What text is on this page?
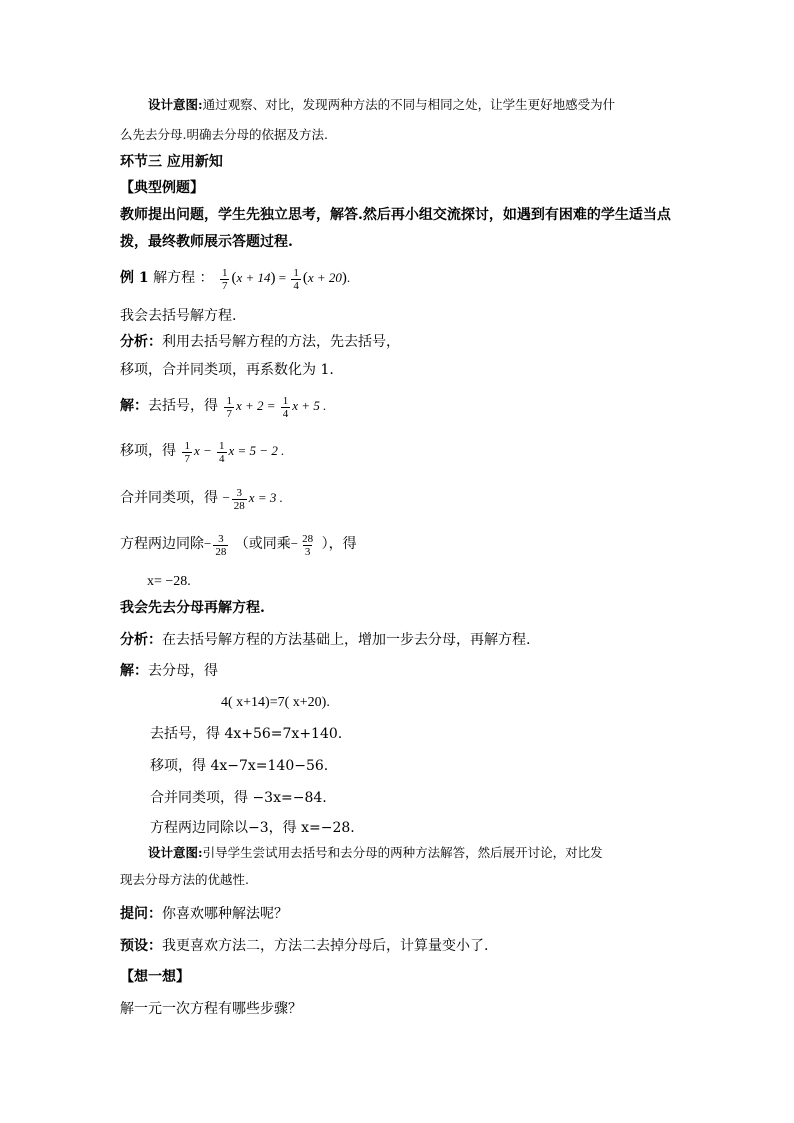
设计意图:通过观察、对比，发现两种方法的不同与相同之处，让学生更好地感受为什
么先去分母.明确去分母的依据及方法.
环节三 应用新知
【典型例题】
教师提出问题，学生先独立思考，解答.然后再小组交流探讨，如遇到有困难的学生适当点
拨，最终教师展示答题过程.
例 1 解方程 ： $\frac{1}{7} (x + 14) = \frac{1}{4} (x + 20)$.
我会去括号解方程.
分析：利用去括号解方程的方法，先去括号，
移项，合并同类项，再系数化为 1.
解：去括号，得 $\frac{1}{7}$ $x + 2 = \frac{1}{4}$ x + 5 .
移项，得 $\frac{1}{7}$ $x - \frac{1}{4}$ x = 5 − 2 .
合并同类项，得 − $\frac{3}{28}$ x = 3 .
方程两边同除− $\frac{3}{28}$ （或同乘− $\frac{28}{3}$ ），得
x= −28.
我会先去分母再解方程.
分析：在去括号解方程的方法基础上，增加一步去分母，再解方程.
解：去分母，得
4( x+14)=7( x+20).
去括号，得 4x+56=7x+140.
移项，得 4x−7x=140−56.
合并同类项，得 −3x=−84.
方程两边同除以−3，得 x=−28.
设计意图:引导学生尝试用去括号和去分母的两种方法解答，然后展开讨论，对比发
现去分母方法的优越性.
提问：你喜欢哪种解法呢？
预设：我更喜欢方法二，方法二去掉分母后，计算量变小了.
【想一想】
解一元一次方程有哪些步骤？
